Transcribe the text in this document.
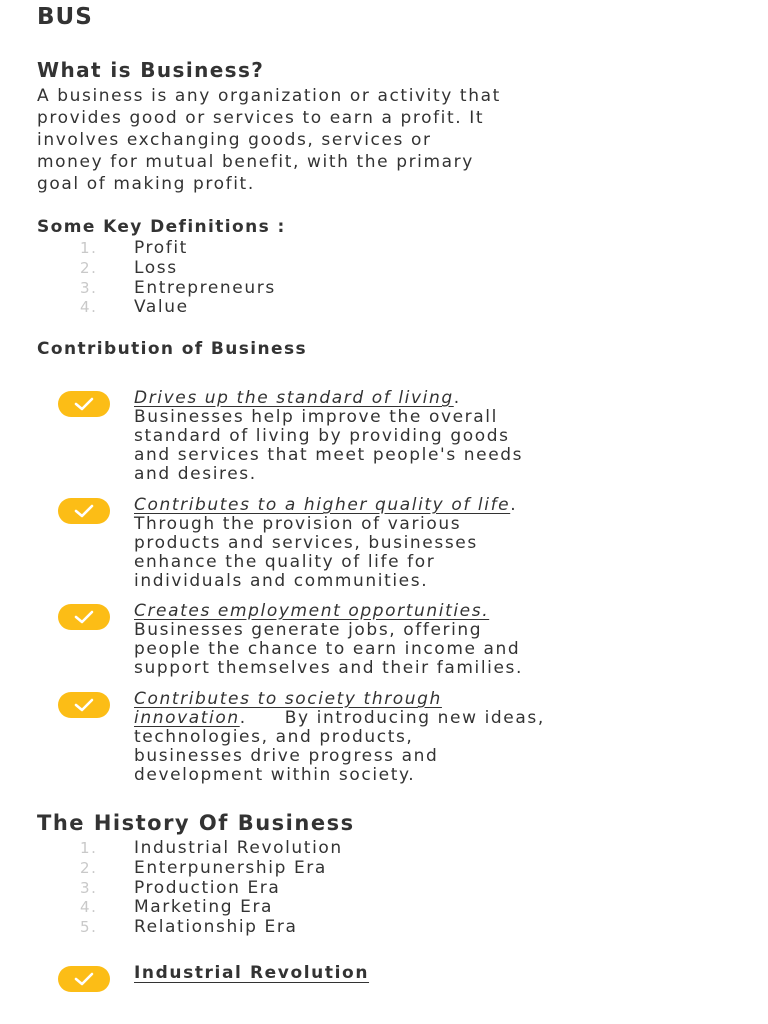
BUS
What is Business?
A business is any organization or activity that
provides good or services to earn a profit. It
involves exchanging goods, services or
money for mutual benefit, with the primary
goal of making profit.
Some Key Definitions :
1.	Profit
2.	Loss
3.	Entrepreneurs
4.	Value
Contribution of Business
Drives up the standard of living.
Businesses help improve the overall
standard of living by providing goods
and services that meet people's needs
and desires.
Contributes to a higher quality of life.
Through the provision of various
products and services, businesses
enhance the quality of life for
individuals and communities.
Creates employment opportunities.
Businesses generate jobs, offering
people the chance to earn income and
support themselves and their families.
Contributes to society through
innovation. By introducing new ideas,
technologies, and products,
businesses drive progress and
development within society.
The History Of Business
1.	Industrial Revolution
2.	Enterpunership Era
3.	Production Era
4.	Marketing Era
5.	Relationship Era
Industrial Revolution
